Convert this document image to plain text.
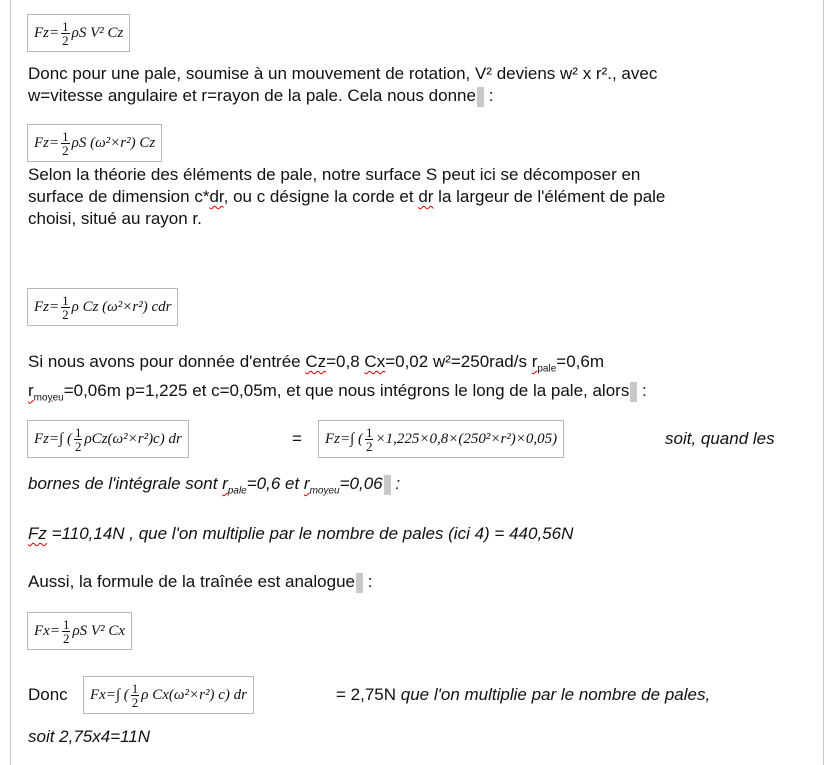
$Fz= \frac{1}{2}$ ρS V² Cz
Donc pour une pale, soumise à un mouvement de rotation, V² deviens w² x r²., avec
w=vitesse angulaire et r=rayon de la pale. Cela nous donne :
$Fz= \frac{1}{2}$ ρS (ω²×r²) Cz
Selon la théorie des éléments de pale, notre surface S peut ici se décomposer en
surface de dimension c*dr, ou c désigne la corde et dr la largeur de l'élément de pale
choisi, situé au rayon r.
$Fz= \frac{1}{2}$ ρ Cz (ω²×r²) cdr
Si nous avons pour donnée d'entrée Cz=0,8 Cx=0,02 w²=250rad/s $r_{pale}=0,6m$
$r_{moyeu}=0,06m$ p=1,225 et c=0,05m, et que nous intégrons le long de la pale, alors :
Fz=∫ ( $\frac{1}{2} \rho Cz(\omega^2\times r^2)c$) dr	= Fz=∫ ( $\frac{1}{2} \times 1,225\times 0,8\times(250^2\times r^2)\times 0,05$)	soit, quand les
bornes de l'intégrale sont $r_{pale}=0,6$ et $r_{moyeu}=0,06$ :
Fz =110,14N , que l'on multiplie par le nombre de pales (ici 4) = 440,56N
Aussi, la formule de la traînée est analogue :
$Fx= \frac{1}{2}$ ρS V² Cx
Donc Fx=∫ ( $\frac{1}{2}$ ρ Cx(ω²×r²) c) dr	= 2,75N que l'on multiplie par le nombre de pales,
soit 2,75x4=11N
